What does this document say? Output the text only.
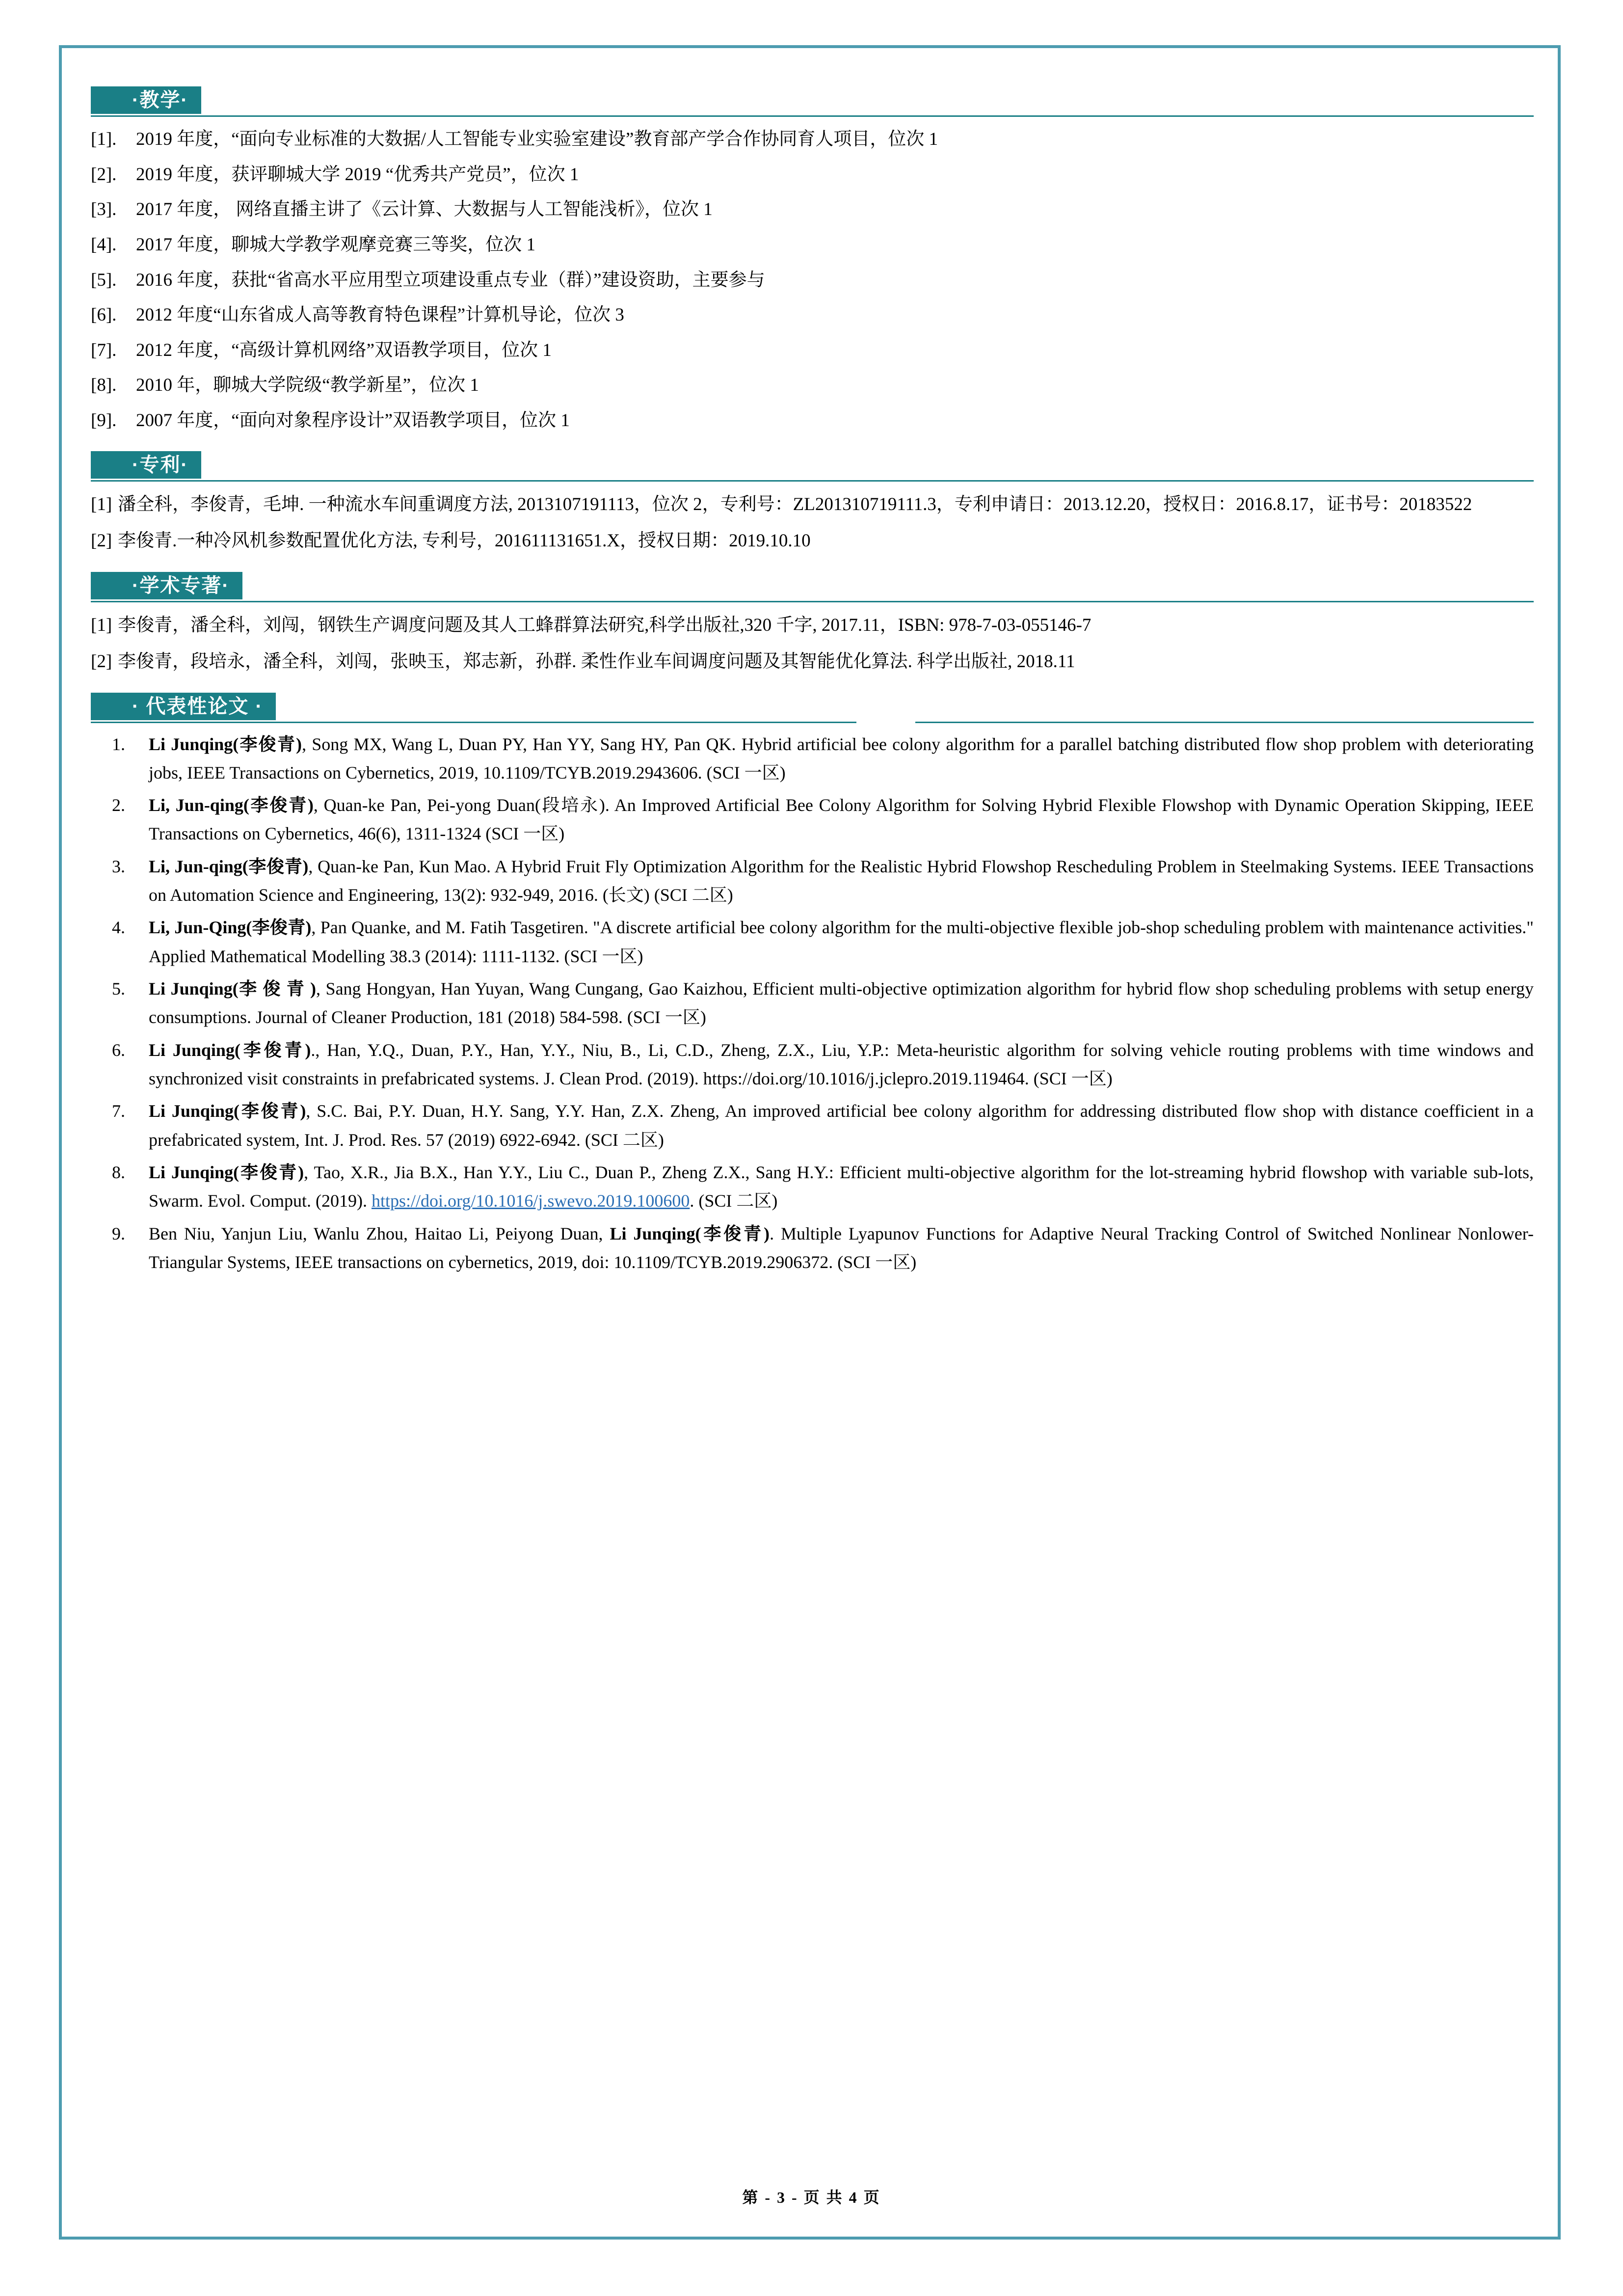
·教学·
[1].	2019 年度，“面向专业标准的大数据/人工智能专业实验室建设”教育部产学合作协同育人项目，位次 1
[2].	2019 年度，获评聊城大学 2019 “优秀共产党员”，位次 1
[3].	2017 年度， 网络直播主讲了《云计算、大数据与人工智能浅析》，位次 1
[4].	2017 年度，聊城大学教学观摩竞赛三等奖，位次 1
[5].	2016 年度，获批“省高水平应用型立项建设重点专业（群）”建设资助，主要参与
[6].	2012 年度“山东省成人高等教育特色课程”计算机导论，位次 3
[7].	2012 年度，“高级计算机网络”双语教学项目，位次 1
[8].	2010 年，聊城大学院级“教学新星”，位次 1
[9].	2007 年度，“面向对象程序设计”双语教学项目，位次 1
·专利·
[1] 潘全科，李俊青，毛坤. 一种流水车间重调度方法, 2013107191113，位次 2，专利号：ZL201310719111.3，专利申请日：2013.12.20，授权日：2016.8.17，证书号：20183522
[2] 李俊青.一种冷风机参数配置优化方法, 专利号，201611131651.X，授权日期：2019.10.10
·学术专著·
[1] 李俊青，潘全科，刘闯，钢铁生产调度问题及其人工蜂群算法研究,科学出版社,320 千字, 2017.11，ISBN: 978-7-03-055146-7
[2] 李俊青，段培永，潘全科，刘闯，张映玉，郑志新，孙群. 柔性作业车间调度问题及其智能优化算法. 科学出版社, 2018.11
· 代表性论文 ·
1.	Li Junqing(李俊青), Song MX, Wang L, Duan PY, Han YY, Sang HY, Pan QK. Hybrid artificial bee colony algorithm for a parallel batching distributed flow shop problem with deteriorating jobs, IEEE Transactions on Cybernetics, 2019, 10.1109/TCYB.2019.2943606. (SCI 一区)
2.	Li, Jun-qing(李俊青), Quan-ke Pan, Pei-yong Duan(段培永). An Improved Artificial Bee Colony Algorithm for Solving Hybrid Flexible Flowshop with Dynamic Operation Skipping, IEEE Transactions on Cybernetics, 46(6), 1311-1324 (SCI 一区)
3.	Li, Jun-qing(李俊青), Quan-ke Pan, Kun Mao. A Hybrid Fruit Fly Optimization Algorithm for the Realistic Hybrid Flowshop Rescheduling Problem in Steelmaking Systems. IEEE Transactions on Automation Science and Engineering, 13(2): 932-949, 2016. (长文) (SCI 二区)
4.	Li, Jun-Qing(李俊青), Pan Quanke, and M. Fatih Tasgetiren. "A discrete artificial bee colony algorithm for the multi-objective flexible job-shop scheduling problem with maintenance activities." Applied Mathematical Modelling 38.3 (2014): 1111-1132. (SCI 一区)
5.	Li Junqing(李 俊 青 ), Sang Hongyan, Han Yuyan, Wang Cungang, Gao Kaizhou, Efficient multi-objective optimization algorithm for hybrid flow shop scheduling problems with setup energy consumptions. Journal of Cleaner Production, 181 (2018) 584-598. (SCI 一区)
6.	Li Junqing(李俊青)., Han, Y.Q., Duan, P.Y., Han, Y.Y., Niu, B., Li, C.D., Zheng, Z.X., Liu, Y.P.: Meta-heuristic algorithm for solving vehicle routing problems with time windows and synchronized visit constraints in prefabricated systems. J. Clean Prod. (2019). https://doi.org/10.1016/j.jclepro.2019.119464. (SCI 一区)
7.	Li Junqing(李俊青), S.C. Bai, P.Y. Duan, H.Y. Sang, Y.Y. Han, Z.X. Zheng, An improved artificial bee colony algorithm for addressing distributed flow shop with distance coefficient in a prefabricated system, Int. J. Prod. Res. 57 (2019) 6922-6942. (SCI 二区)
8.	Li Junqing(李俊青), Tao, X.R., Jia B.X., Han Y.Y., Liu C., Duan P., Zheng Z.X., Sang H.Y.: Efficient multi-objective algorithm for the lot-streaming hybrid flowshop with variable sub-lots, Swarm. Evol. Comput. (2019). https://doi.org/10.1016/j.swevo.2019.100600. (SCI 二区)
9.	Ben Niu, Yanjun Liu, Wanlu Zhou, Haitao Li, Peiyong Duan, Li Junqing(李俊青). Multiple Lyapunov Functions for Adaptive Neural Tracking Control of Switched Nonlinear Nonlower-Triangular Systems, IEEE transactions on cybernetics, 2019, doi: 10.1109/TCYB.2019.2906372. (SCI 一区)
第 - 3 - 页 共 4 页
